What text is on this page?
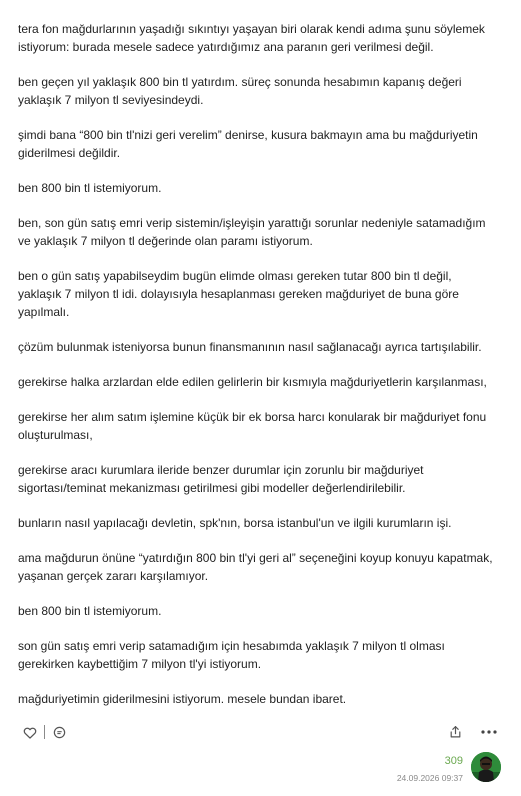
tera fon mağdurlarının yaşadığı sıkıntıyı yaşayan biri olarak kendi adıma şunu söylemek istiyorum: burada mesele sadece yatırdığımız ana paranın geri verilmesi değil.

ben geçen yıl yaklaşık 800 bin tl yatırdım. süreç sonunda hesabımın kapanış değeri yaklaşık 7 milyon tl seviyesindeydi.

şimdi bana “800 bin tl'nizi geri verelim” denirse, kusura bakmayın ama bu mağduriyetin giderilmesi değildir.

ben 800 bin tl istemiyorum.

ben, son gün satış emri verip sistemin/işleyişin yarattığı sorunlar nedeniyle satamadığım ve yaklaşık 7 milyon tl değerinde olan paramı istiyorum.

ben o gün satış yapabilseydim bugün elimde olması gereken tutar 800 bin tl değil, yaklaşık 7 milyon tl idi. dolayısıyla hesaplanması gereken mağduriyet de buna göre yapılmalı.

çözüm bulunmak isteniyorsa bunun finansmanının nasıl sağlanacağı ayrıca tartışılabilir.

gerekirse halka arzlardan elde edilen gelirlerin bir kısmıyla mağduriyetlerin karşılanması,

gerekirse her alım satım işlemine küçük bir ek borsa harcı konularak bir mağduriyet fonu oluşturulması,

gerekirse aracı kurumlara ileride benzer durumlar için zorunlu bir mağduriyet sigortası/teminat mekanizması getirilmesi gibi modeller değerlendirilebilir.

bunların nasıl yapılacağı devletin, spk'nın, borsa istanbul'un ve ilgili kurumların işi.

ama mağdurun önüne “yatırdığın 800 bin tl'yi geri al” seçeneğini koyup konuyu kapatmak, yaşanan gerçek zararı karşılamıyor.

ben 800 bin tl istemiyorum.

son gün satış emri verip satamadığım için hesabımda yaklaşık 7 milyon tl olması gerekirken kaybettiğim 7 milyon tl'yi istiyorum.

mağduriyetimin giderilmesini istiyorum. mesele bundan ibaret.

309
24.09.2026 09:37
